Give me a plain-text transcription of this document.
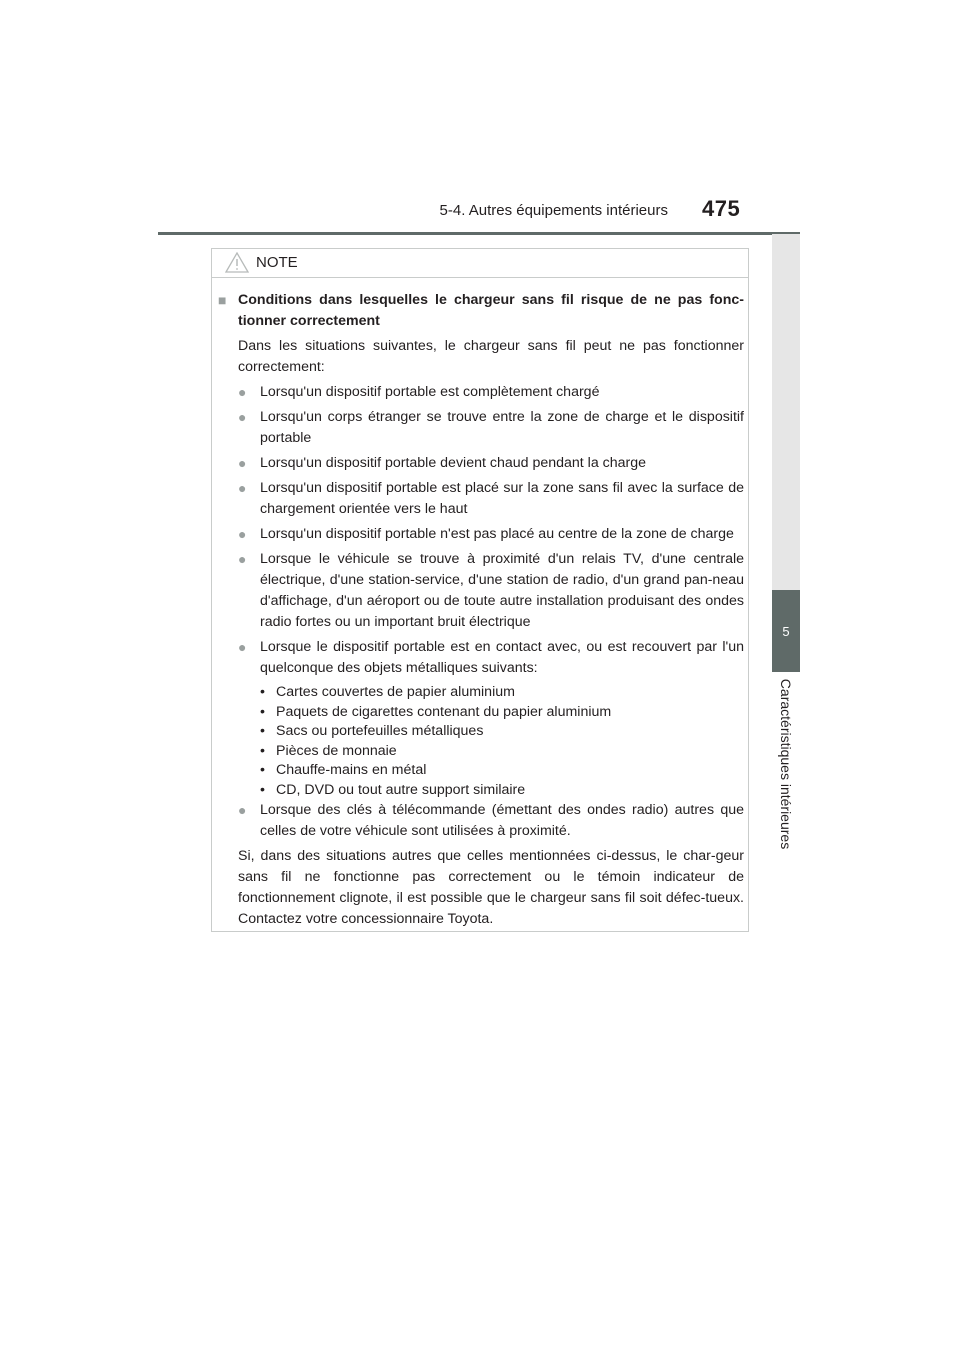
5-4. Autres équipements intérieurs 475
5
Caractéristiques intérieures
NOTE
■ Conditions dans lesquelles le chargeur sans fil risque de ne pas fonc-tionner correctement
Dans les situations suivantes, le chargeur sans fil peut ne pas fonctionner correctement:
● Lorsqu'un dispositif portable est complètement chargé
● Lorsqu'un corps étranger se trouve entre la zone de charge et le dispositif portable
● Lorsqu'un dispositif portable devient chaud pendant la charge
● Lorsqu'un dispositif portable est placé sur la zone sans fil avec la surface de chargement orientée vers le haut
● Lorsqu'un dispositif portable n'est pas placé au centre de la zone de charge
● Lorsque le véhicule se trouve à proximité d'un relais TV, d'une centrale électrique, d'une station-service, d'une station de radio, d'un grand pan-neau d'affichage, d'un aéroport ou de toute autre installation produisant des ondes radio fortes ou un important bruit électrique
● Lorsque le dispositif portable est en contact avec, ou est recouvert par l'un quelconque des objets métalliques suivants:
• Cartes couvertes de papier aluminium
• Paquets de cigarettes contenant du papier aluminium
• Sacs ou portefeuilles métalliques
• Pièces de monnaie
• Chauffe-mains en métal
• CD, DVD ou tout autre support similaire
● Lorsque des clés à télécommande (émettant des ondes radio) autres que celles de votre véhicule sont utilisées à proximité.
Si, dans des situations autres que celles mentionnées ci-dessus, le char-geur sans fil ne fonctionne pas correctement ou le témoin indicateur de fonctionnement clignote, il est possible que le chargeur sans fil soit défec-tueux. Contactez votre concessionnaire Toyota.
